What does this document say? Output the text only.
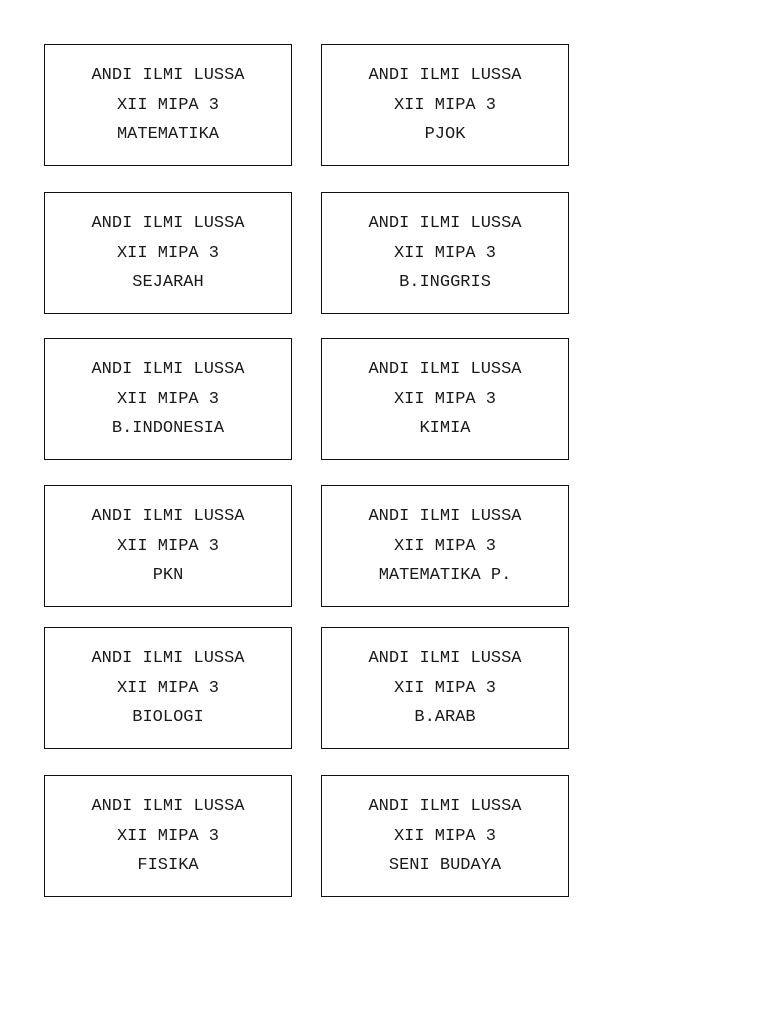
ANDI ILMI LUSSA
XII MIPA 3
MATEMATIKA
ANDI ILMI LUSSA
XII MIPA 3
PJOK
ANDI ILMI LUSSA
XII MIPA 3
SEJARAH
ANDI ILMI LUSSA
XII MIPA 3
B.INGGRIS
ANDI ILMI LUSSA
XII MIPA 3
B.INDONESIA
ANDI ILMI LUSSA
XII MIPA 3
KIMIA
ANDI ILMI LUSSA
XII MIPA 3
PKN
ANDI ILMI LUSSA
XII MIPA 3
MATEMATIKA P.
ANDI ILMI LUSSA
XII MIPA 3
BIOLOGI
ANDI ILMI LUSSA
XII MIPA 3
B.ARAB
ANDI ILMI LUSSA
XII MIPA 3
FISIKA
ANDI ILMI LUSSA
XII MIPA 3
SENI BUDAYA
